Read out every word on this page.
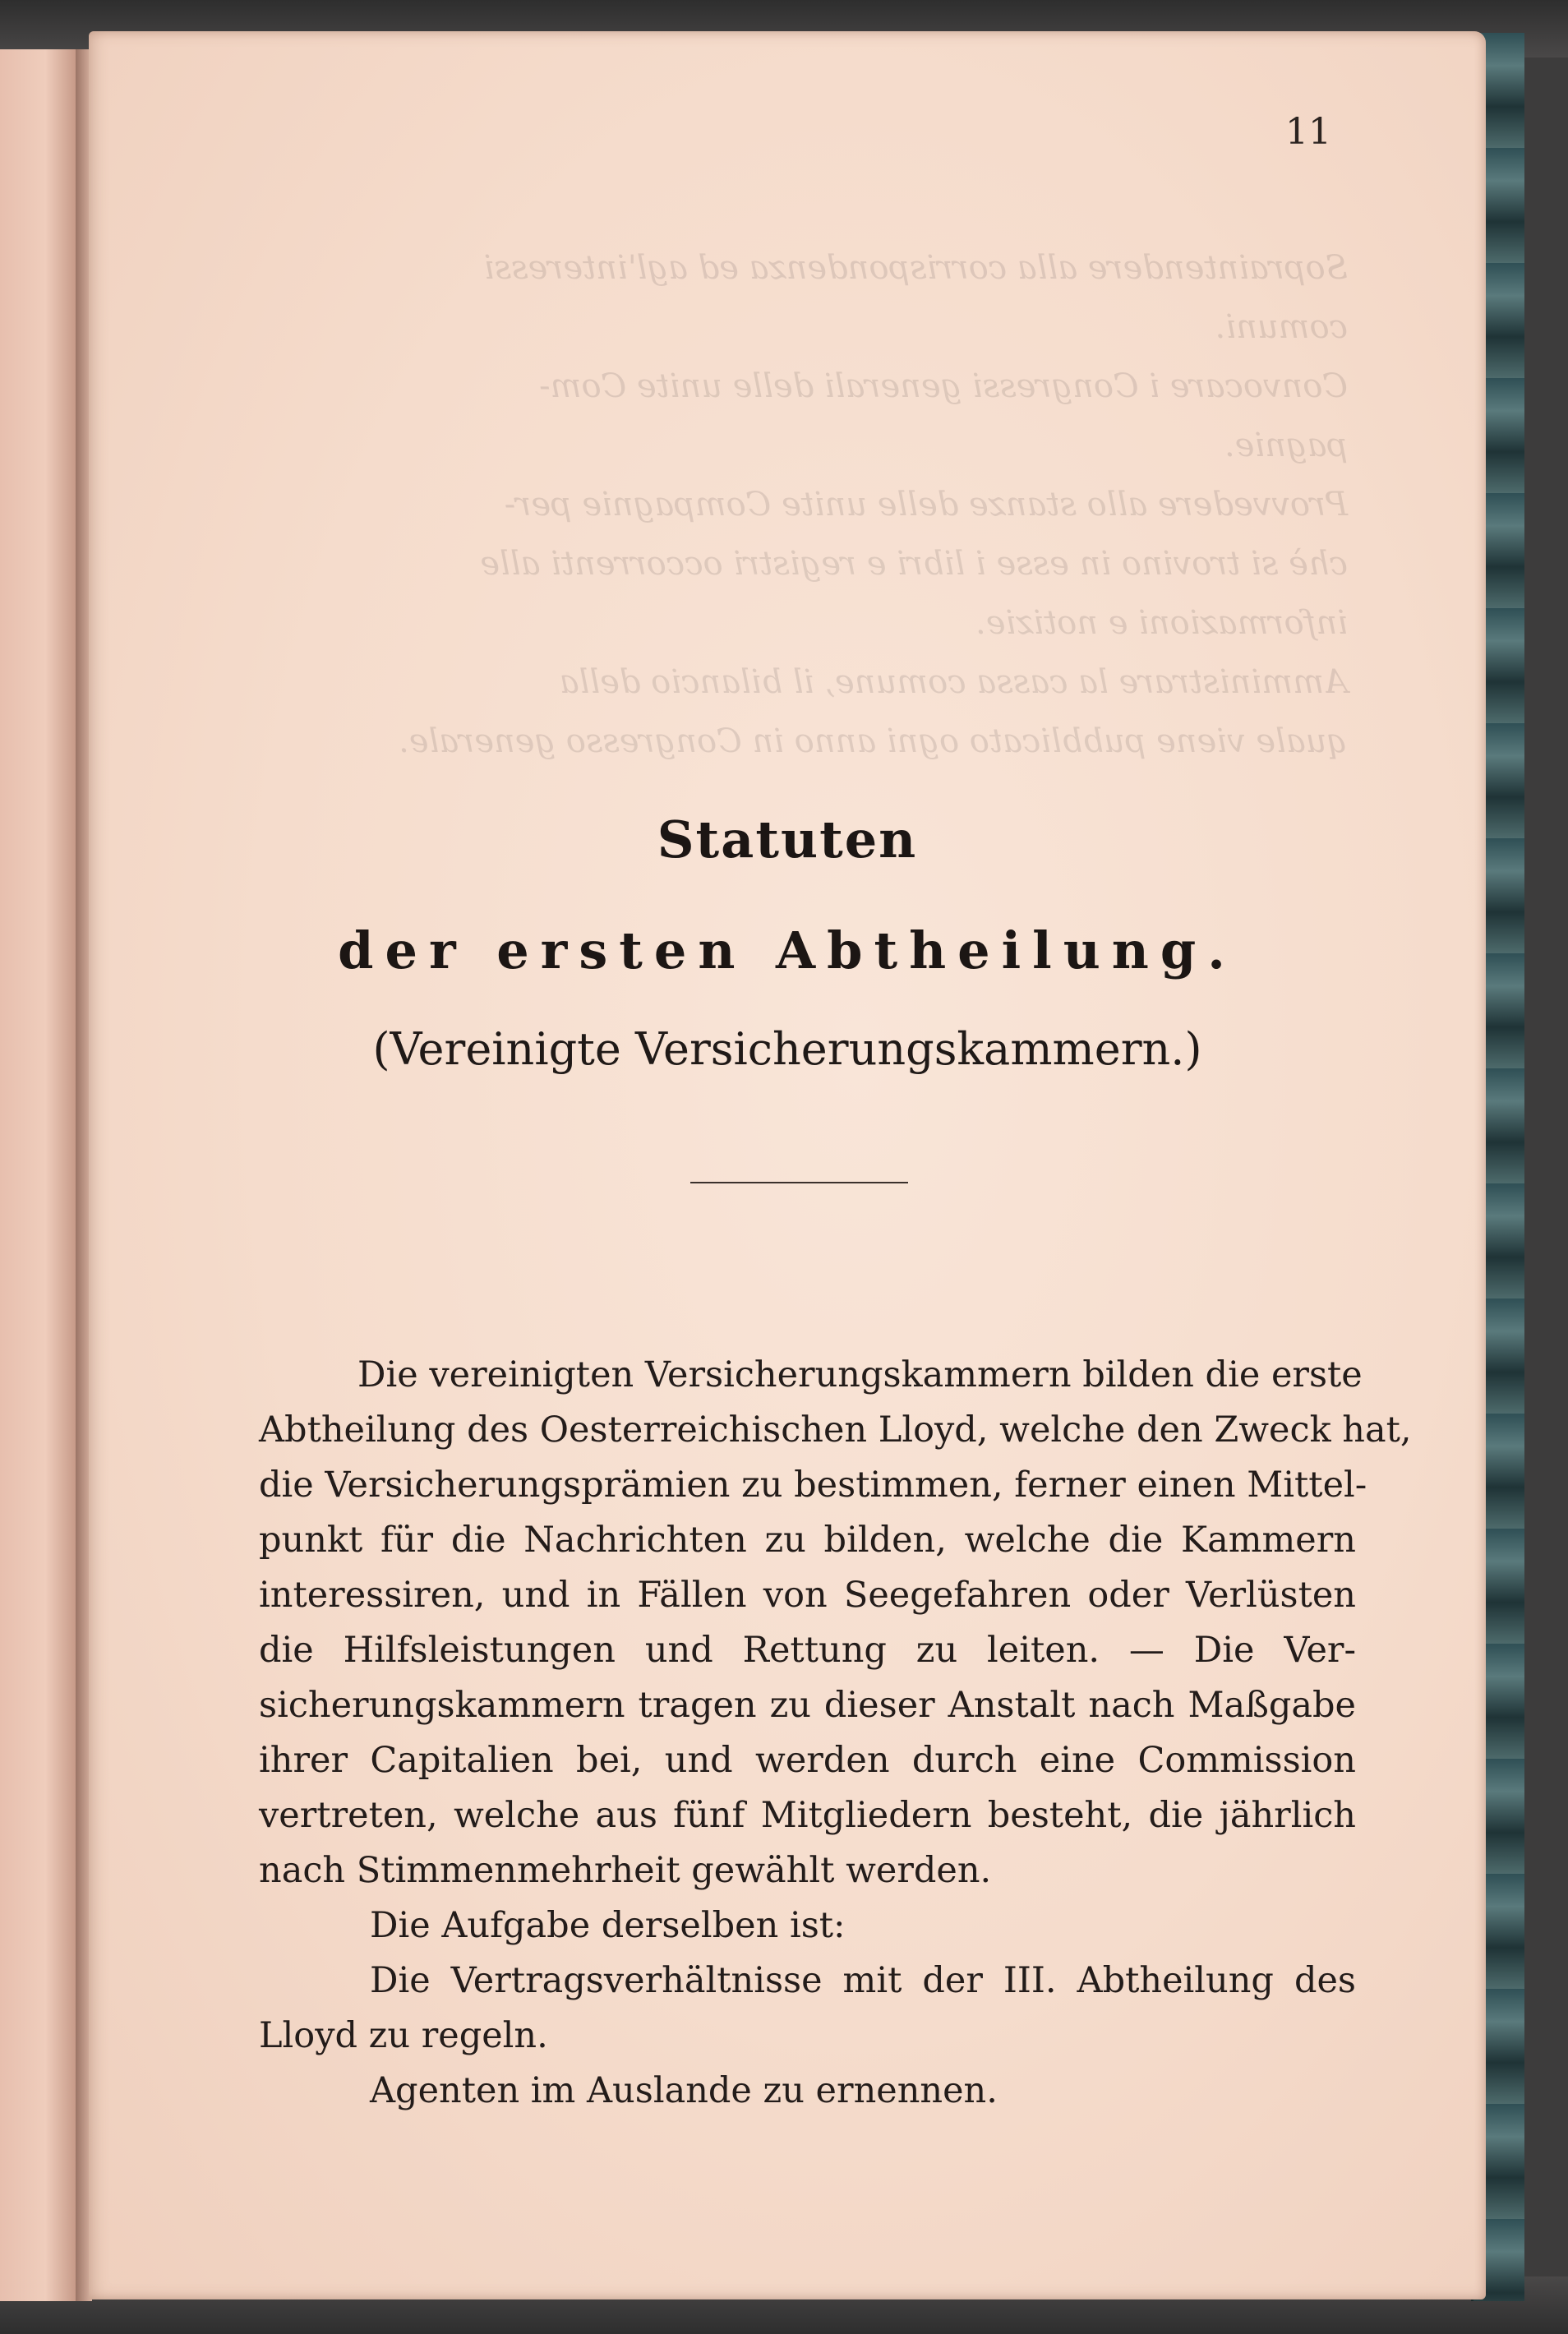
11
Sopraintendere alla corrispondenza ed agl'interessi
comuni.
Convocare i Congressi generali delle unite Com-
pagnie.
Provvedere allo stanze delle unite Compagnie per-
chè si trovino in esse i libri e registri occorrenti alle
informazioni e notizie.
Amministrare la cassa comune, il bilancio della
quale viene pubblicato ogni anno in Congresso generale.
Statuten
der ersten Abtheilung.
(Vereinigte Versicherungskammern.)
Die vereinigten Versicherungskammern bilden die erste
Abtheilung des Oesterreichischen Lloyd, welche den Zweck hat,
die Versicherungsprämien zu bestimmen, ferner einen Mittel-
punkt für die Nachrichten zu bilden, welche die Kammern
interessiren, und in Fällen von Seegefahren oder Verlüsten
die Hilfsleistungen und Rettung zu leiten. — Die Ver-
sicherungskammern tragen zu dieser Anstalt nach Maßgabe
ihrer Capitalien bei, und werden durch eine Commission
vertreten, welche aus fünf Mitgliedern besteht, die jährlich
nach Stimmenmehrheit gewählt werden.
Die Aufgabe derselben ist:
Die Vertragsverhältnisse mit der III. Abtheilung des
Lloyd zu regeln.
Agenten im Auslande zu ernennen.
